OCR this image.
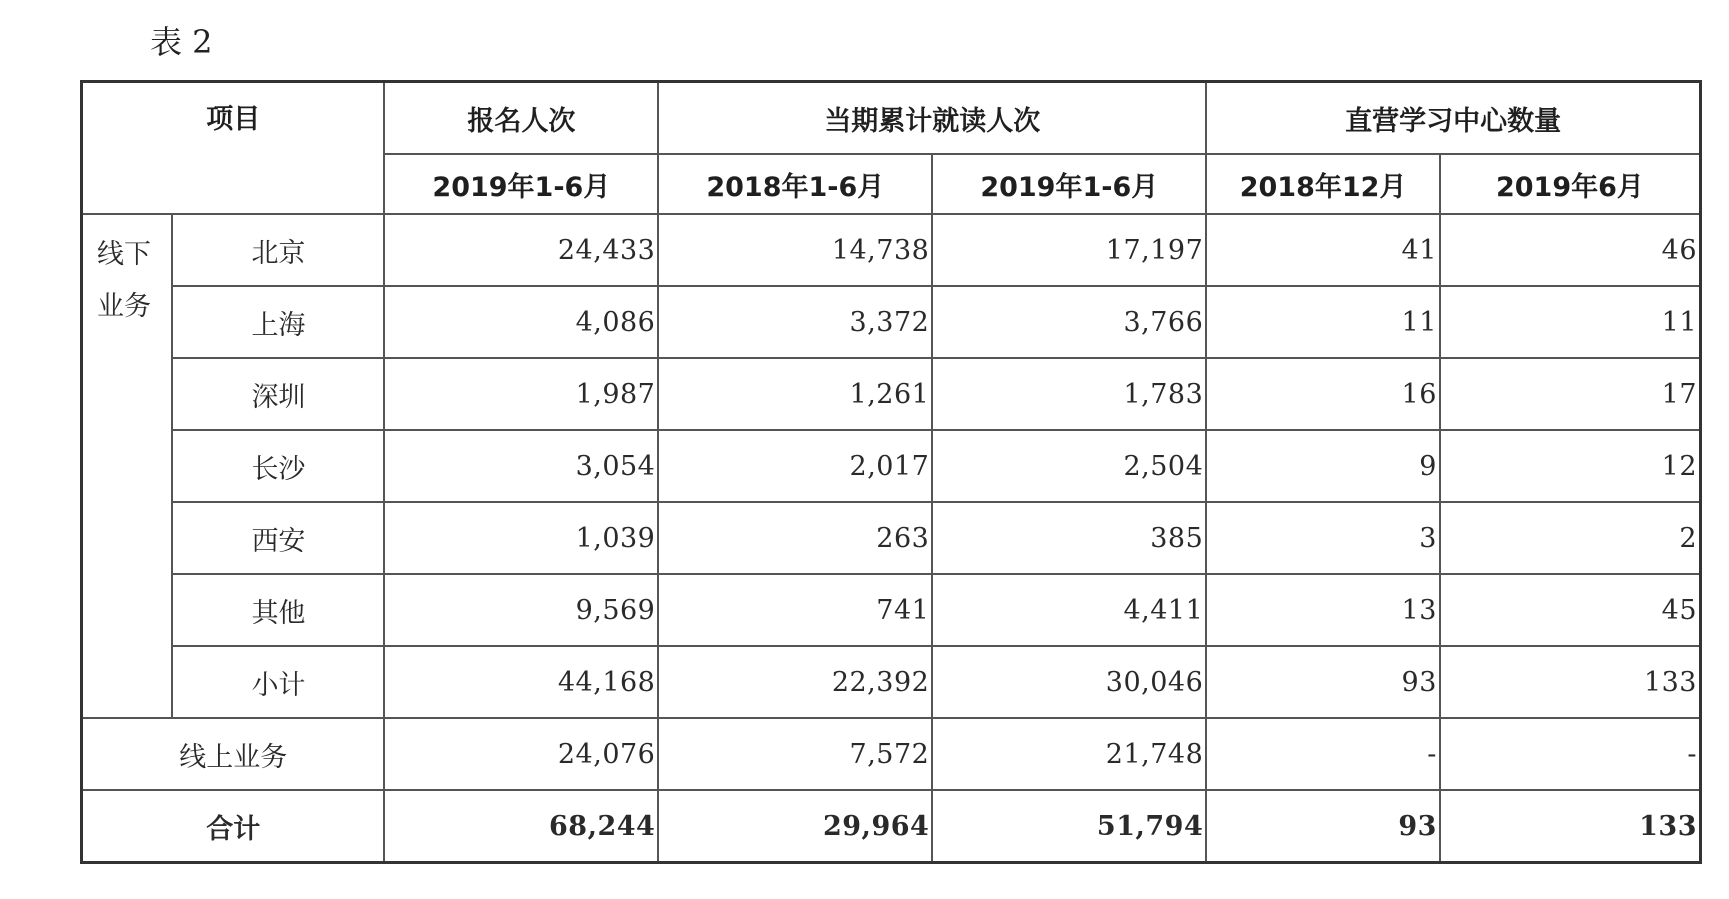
表 2
项目		报名人次	当期累计就读人次		直营学习中心数量	
		2019年1-6月	2018年1-6月	2019年1-6月	2018年12月	2019年6月
线下业务	北京	24,433	14,738	17,197	41	46
	上海	4,086	3,372	3,766	11	11
	深圳	1,987	1,261	1,783	16	17
	长沙	3,054	2,017	2,504	9	12
	西安	1,039	263	385	3	2
	其他	9,569	741	4,411	13	45
	小计	44,168	22,392	30,046	93	133
线上业务		24,076	7,572	21,748	-	-
合计		68,244	29,964	51,794	93	133
